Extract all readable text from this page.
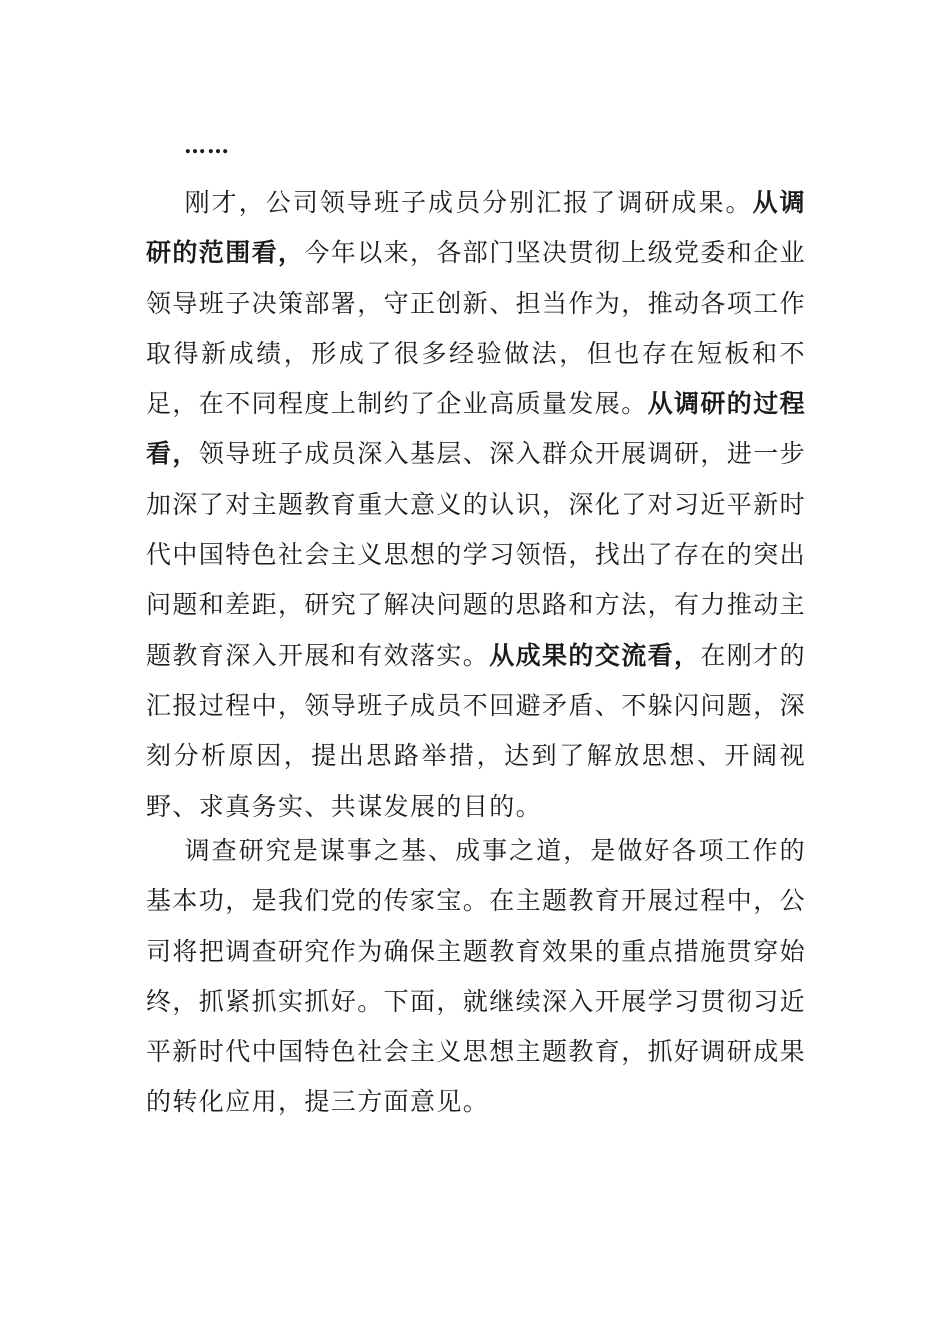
……

刚才，公司领导班子成员分别汇报了调研成果。从调研的范围看，今年以来，各部门坚决贯彻上级党委和企业领导班子决策部署，守正创新、担当作为，推动各项工作取得新成绩，形成了很多经验做法，但也存在短板和不足，在不同程度上制约了企业高质量发展。从调研的过程看，领导班子成员深入基层、深入群众开展调研，进一步加深了对主题教育重大意义的认识，深化了对习近平新时代中国特色社会主义思想的学习领悟，找出了存在的突出问题和差距，研究了解决问题的思路和方法，有力推动主题教育深入开展和有效落实。从成果的交流看，在刚才的汇报过程中，领导班子成员不回避矛盾、不躲闪问题，深刻分析原因，提出思路举措，达到了解放思想、开阔视野、求真务实、共谋发展的目的。

调查研究是谋事之基、成事之道，是做好各项工作的基本功，是我们党的传家宝。在主题教育开展过程中，公司将把调查研究作为确保主题教育效果的重点措施贯穿始终，抓紧抓实抓好。下面，就继续深入开展学习贯彻习近平新时代中国特色社会主义思想主题教育，抓好调研成果的转化应用，提三方面意见。
